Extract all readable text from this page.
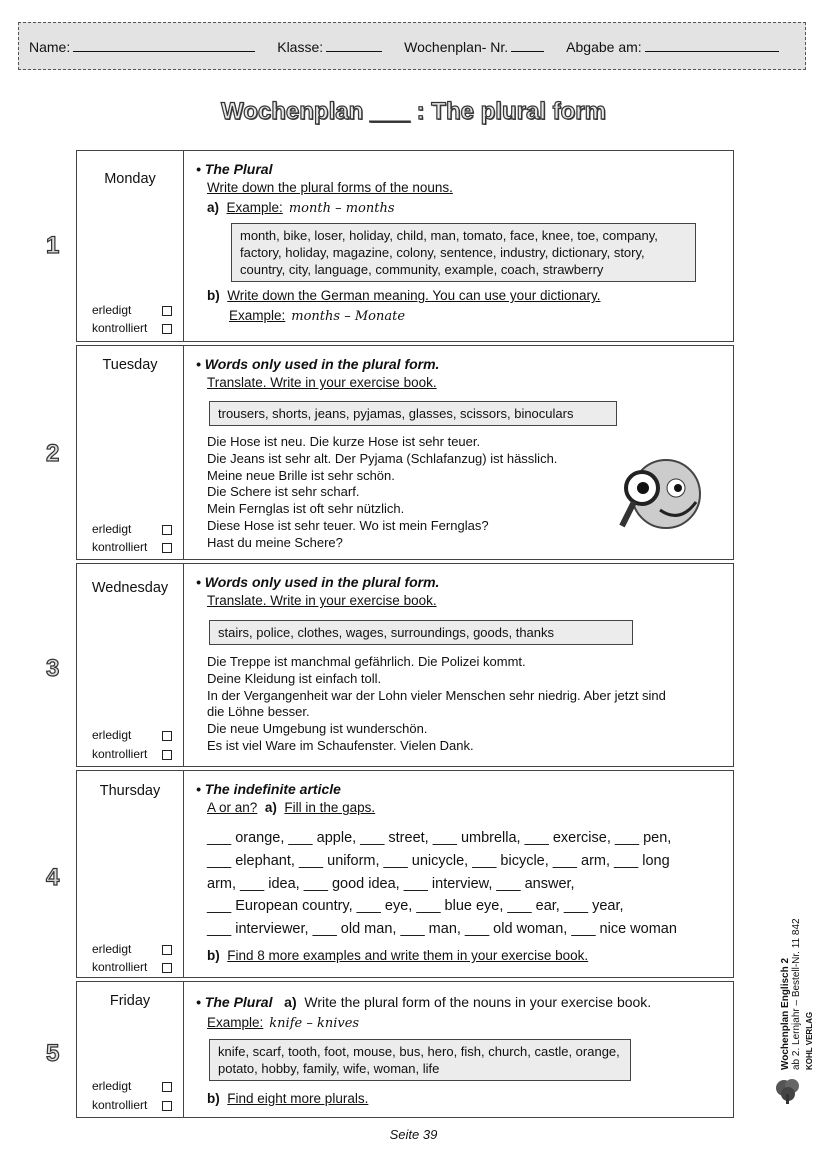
Name:	Klasse:	Wochenplan- Nr.	Abgabe am:
Wochenplan ___ : The plural form
1
Monday
erledigt
kontrolliert
• The Plural
Write down the plural forms of the nouns.
a) Example: month – months
month, bike, loser, holiday, child, man, tomato, face, knee, toe, company, factory, holiday, magazine, colony, sentence, industry, dictionary, story, country, city, language, community, example, coach, strawberry
b) Write down the German meaning. You can use your dictionary.
Example: months – Monate
2
Tuesday
erledigt
kontrolliert
• Words only used in the plural form.
Translate. Write in your exercise book.
trousers, shorts, jeans, pyjamas, glasses, scissors, binoculars
Die Hose ist neu. Die kurze Hose ist sehr teuer.
Die Jeans ist sehr alt. Der Pyjama (Schlafanzug) ist hässlich.
Meine neue Brille ist sehr schön.
Die Schere ist sehr scharf.
Mein Fernglas ist oft sehr nützlich.
Diese Hose ist sehr teuer. Wo ist mein Fernglas?
Hast du meine Schere?
3
Wednesday
erledigt
kontrolliert
• Words only used in the plural form.
Translate. Write in your exercise book.
stairs, police, clothes, wages, surroundings, goods, thanks
Die Treppe ist manchmal gefährlich. Die Polizei kommt.
Deine Kleidung ist einfach toll.
In der Vergangenheit war der Lohn vieler Menschen sehr niedrig. Aber jetzt sind
die Löhne besser.
Die neue Umgebung ist wunderschön.
Es ist viel Ware im Schaufenster. Vielen Dank.
4
Thursday
erledigt
kontrolliert
• The indefinite article
A or an? a) Fill in the gaps.
___ orange, ___ apple, ___ street, ___ umbrella, ___ exercise, ___ pen,
___ elephant, ___ uniform, ___ unicycle, ___ bicycle, ___ arm, ___ long
arm, ___ idea, ___ good idea, ___ interview, ___ answer,
___ European country, ___ eye, ___ blue eye, ___ ear, ___ year,
___ interviewer, ___ old man, ___ man, ___ old woman, ___ nice woman
b) Find 8 more examples and write them in your exercise book.
5
Friday
erledigt
kontrolliert
• The Plural a) Write the plural form of the nouns in your exercise book.
Example: knife – knives
knife, scarf, tooth, foot, mouse, bus, hero, fish, church, castle, orange, potato, hobby, family, wife, woman, life
b) Find eight more plurals.
Seite 39
Wochenplan Englisch 2 ab 2. Lernjahr – Bestell-Nr. 11 842 KOHL VERLAG
